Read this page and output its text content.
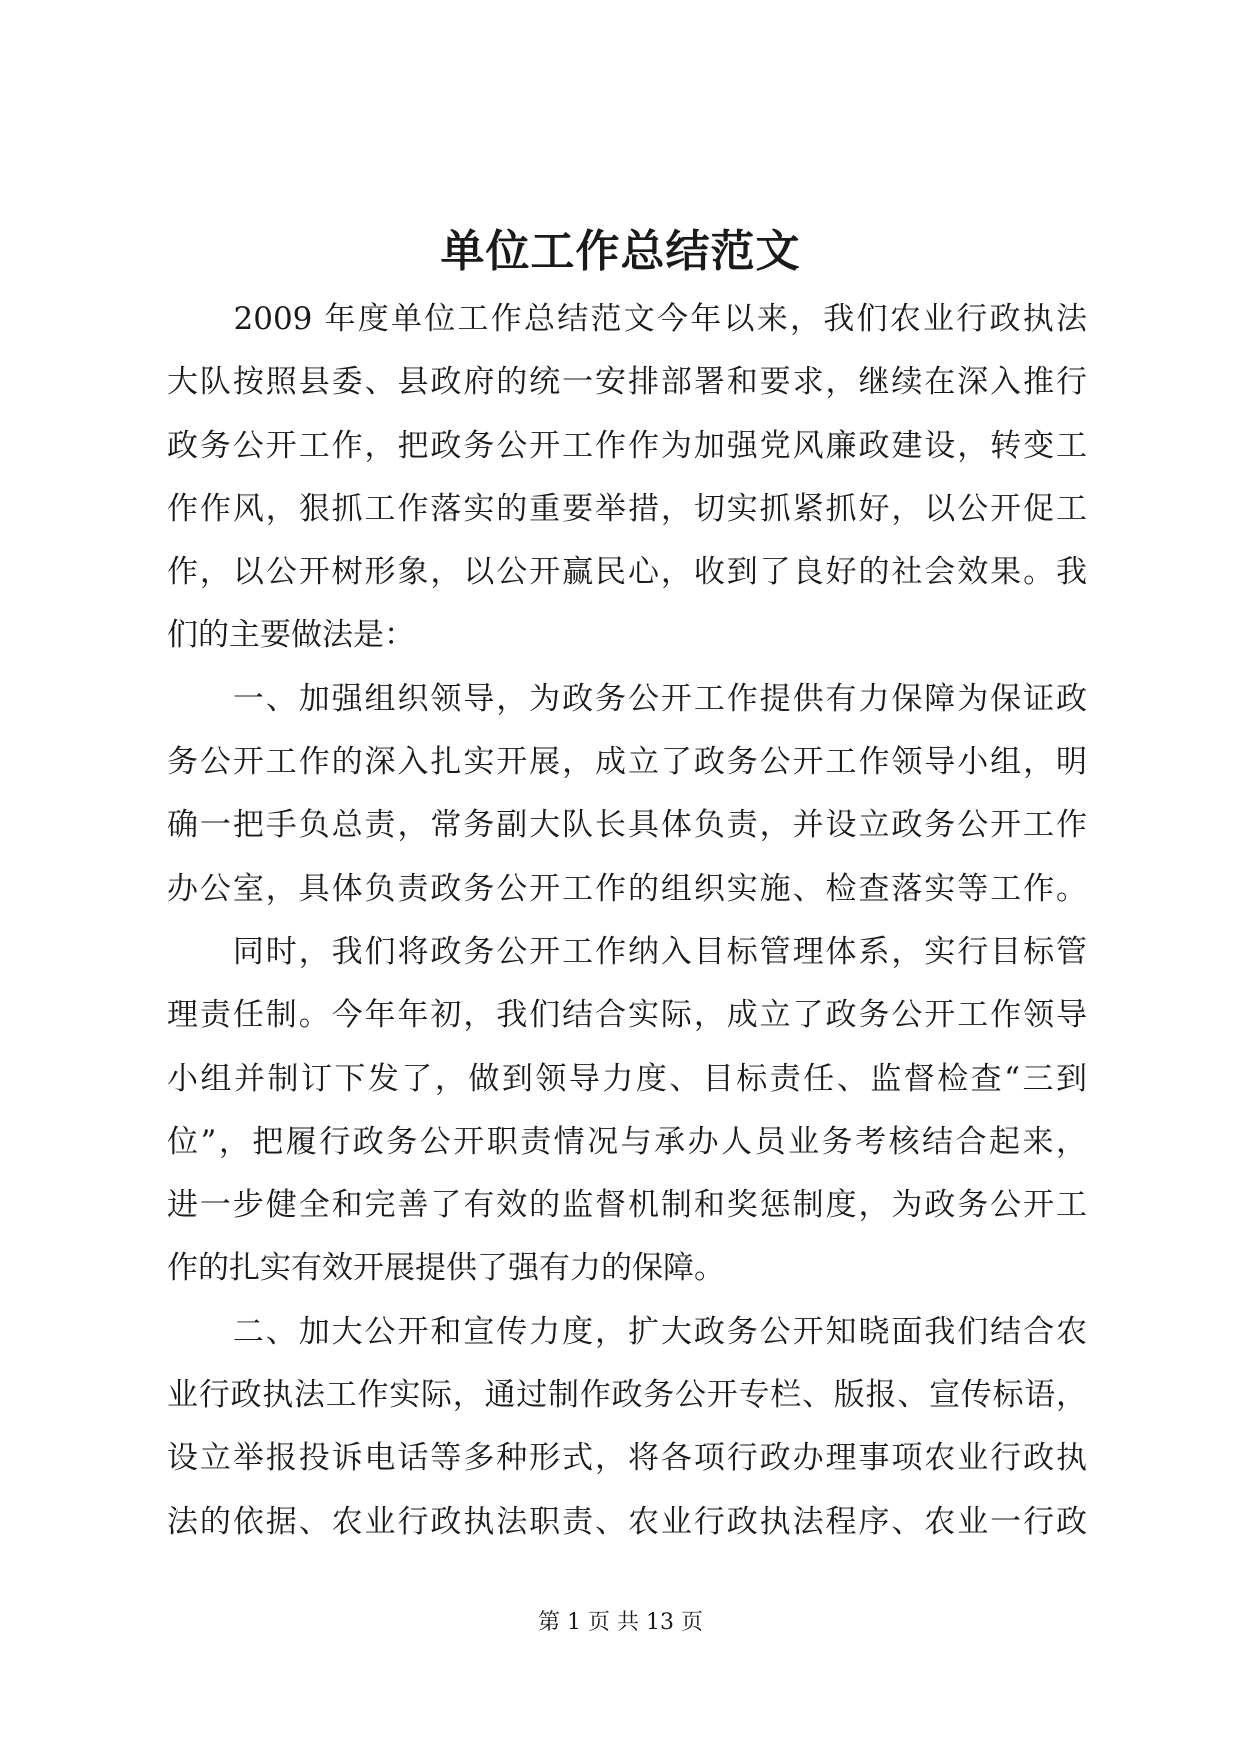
单位工作总结范文
　　2009 年度单位工作总结范文今年以来，我们农业行政执法
大队按照县委、县政府的统一安排部署和要求，继续在深入推行
政务公开工作，把政务公开工作作为加强党风廉政建设，转变工
作作风，狠抓工作落实的重要举措，切实抓紧抓好，以公开促工
作，以公开树形象，以公开赢民心，收到了良好的社会效果。我
们的主要做法是：
　　一、加强组织领导，为政务公开工作提供有力保障为保证政
务公开工作的深入扎实开展，成立了政务公开工作领导小组，明
确一把手负总责，常务副大队长具体负责，并设立政务公开工作
办公室，具体负责政务公开工作的组织实施、检查落实等工作。
　　同时，我们将政务公开工作纳入目标管理体系，实行目标管
理责任制。今年年初，我们结合实际，成立了政务公开工作领导
小组并制订下发了，做到领导力度、目标责任、监督检查“三到
位”，把履行政务公开职责情况与承办人员业务考核结合起来，
进一步健全和完善了有效的监督机制和奖惩制度，为政务公开工
作的扎实有效开展提供了强有力的保障。
　　二、加大公开和宣传力度，扩大政务公开知晓面我们结合农
业行政执法工作实际，通过制作政务公开专栏、版报、宣传标语，
设立举报投诉电话等多种形式，将各项行政办理事项农业行政执
法的依据、农业行政执法职责、农业行政执法程序、农业一行政
第 1 页 共 13 页
